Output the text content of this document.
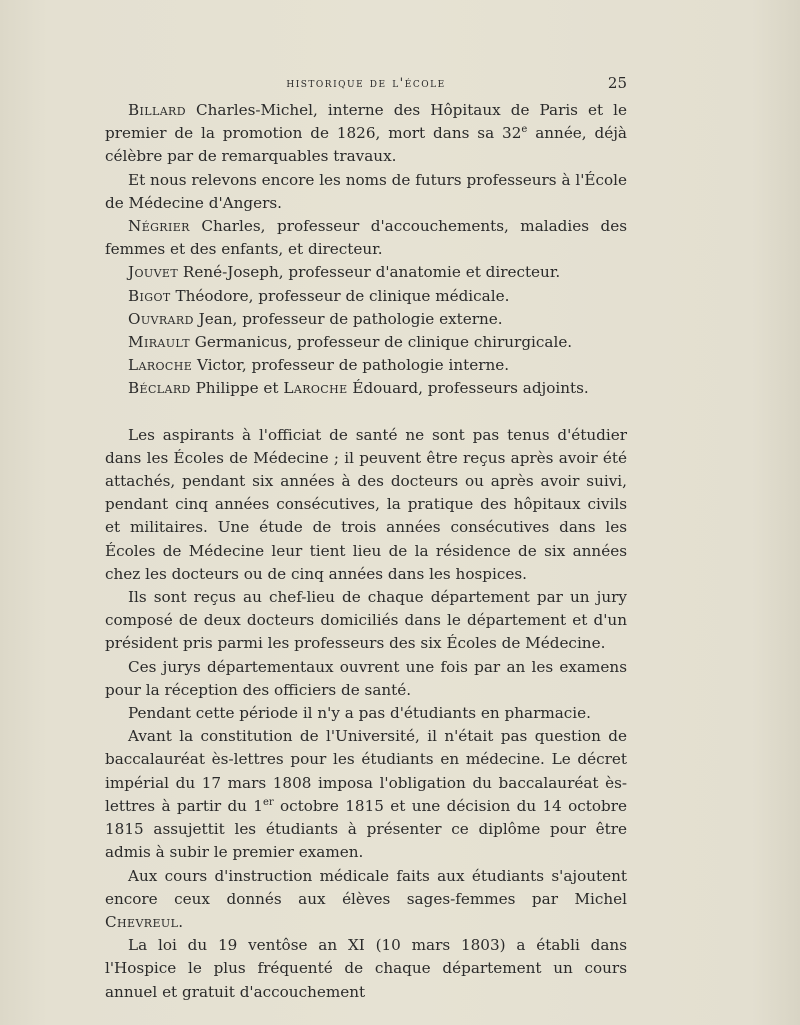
historique de l'école	25

Billard Charles-Michel, interne des Hôpitaux de Paris et le premier de la promotion de 1826, mort dans sa 32e année, déjà célèbre par de remarquables travaux.

Et nous relevons encore les noms de futurs professeurs à l'École de Médecine d'Angers.

Négrier Charles, professeur d'accouchements, maladies des femmes et des enfants, et directeur.

Jouvet René-Joseph, professeur d'anatomie et directeur.

Bigot Théodore, professeur de clinique médicale.

Ouvrard Jean, professeur de pathologie externe.

Mirault Germanicus, professeur de clinique chirurgicale.

Laroche Victor, professeur de pathologie interne.

Béclard Philippe et Laroche Édouard, professeurs adjoints.

Les aspirants à l'officiat de santé ne sont pas tenus d'étudier dans les Écoles de Médecine ; il peuvent être reçus après avoir été attachés, pendant six années à des docteurs ou après avoir suivi, pendant cinq années consécutives, la pratique des hôpitaux civils et militaires. Une étude de trois années consécutives dans les Écoles de Médecine leur tient lieu de la résidence de six années chez les docteurs ou de cinq années dans les hospices.

Ils sont reçus au chef-lieu de chaque département par un jury composé de deux docteurs domiciliés dans le département et d'un président pris parmi les professeurs des six Écoles de Médecine.

Ces jurys départementaux ouvrent une fois par an les examens pour la réception des officiers de santé.

Pendant cette période il n'y a pas d'étudiants en pharmacie.

Avant la constitution de l'Université, il n'était pas question de baccalauréat ès-lettres pour les étudiants en médecine. Le décret impérial du 17 mars 1808 imposa l'obligation du baccalauréat ès-lettres à partir du 1er octobre 1815 et une décision du 14 octobre 1815 assujettit les étudiants à présenter ce diplôme pour être admis à subir le premier examen.

Aux cours d'instruction médicale faits aux étudiants s'ajoutent encore ceux donnés aux élèves sages-femmes par Michel Chevreul.

La loi du 19 ventôse an XI (10 mars 1803) a établi dans l'Hospice le plus fréquenté de chaque département un cours annuel et gratuit d'accouchement
